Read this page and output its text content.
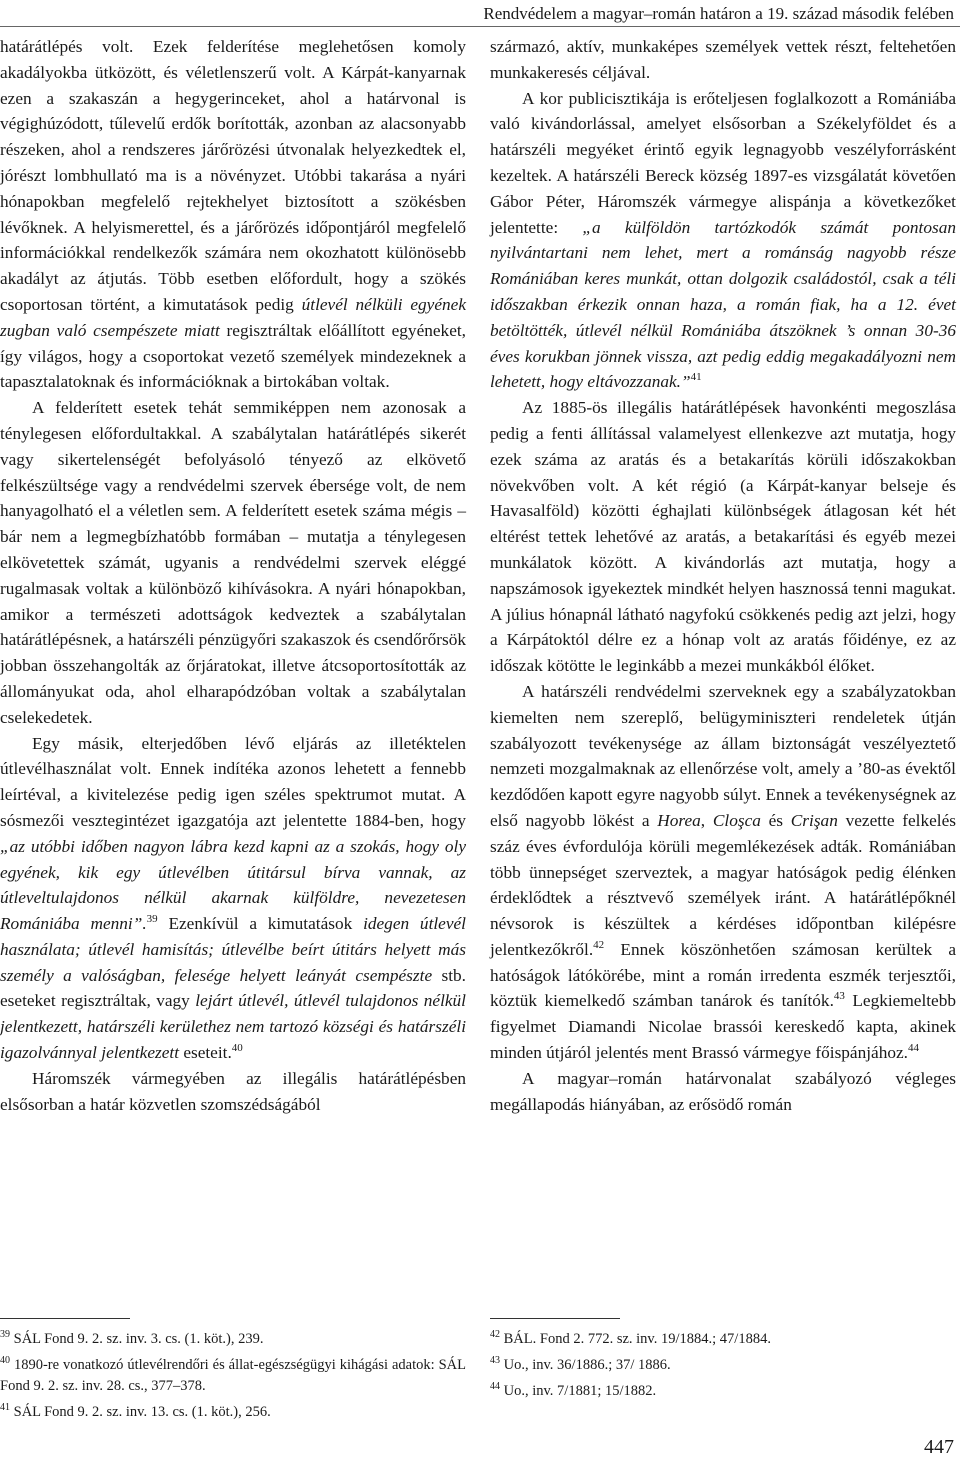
Rendvédelem a magyar–román határon a 19. század második felében

határátlépés volt. Ezek felderítése meglehetősen komoly akadályokba ütközött, és véletlenszerű volt. A Kárpát-kanyarnak ezen a szakaszán a hegygerinceket, ahol a határvonal is végighúzódott, tűlevelű erdők borították, azonban az alacsonyabb részeken, ahol a rendszeres járőrözési útvonalak helyezkedtek el, jórészt lombhullató ma is a növényzet. Utóbbi takarása a nyári hónapokban megfelelő rejtekhelyet biztosított a szökésben lévőknek. A helyismerettel, és a járőrözés időpontjáról megfelelő információkkal rendelkezők számára nem okozhatott különösebb akadályt az átjutás. Több esetben előfordult, hogy a szökés csoportosan történt, a kimutatások pedig útlevél nélküli egyének zugban való csempészete miatt regisztráltak előállított egyéneket, így világos, hogy a csoportokat vezető személyek mindezeknek a tapasztalatoknak és információknak a birtokában voltak.

A felderített esetek tehát semmiképpen nem azonosak a ténylegesen előfordultakkal. A szabálytalan határátlépés sikerét vagy sikertelenségét befolyásoló tényező az elkövető felkészültsége vagy a rendvédelmi szervek ébersége volt, de nem hanyagolható el a véletlen sem. A felderített esetek száma mégis – bár nem a legmegbízhatóbb formában – mutatja a ténylegesen elkövetettek számát, ugyanis a rendvédelmi szervek eléggé rugalmasak voltak a különböző kihívásokra. A nyári hónapokban, amikor a természeti adottságok kedveztek a szabálytalan határátlépésnek, a határszéli pénzügyőri szakaszok és csendőrőrsök jobban összehangolták az őrjáratokat, illetve átcsoportosították az állományukat oda, ahol elharapódzóban voltak a szabálytalan cselekedetek.

Egy másik, elterjedőben lévő eljárás az illetéktelen útlevélhasználat volt. Ennek indítéka azonos lehetett a fennebb leírtéval, a kivitelezése pedig igen széles spektrumot mutat. A sósmezői vesztegintézet igazgatója azt jelentette 1884-ben, hogy „az utóbbi időben nagyon lábra kezd kapni az a szokás, hogy oly egyének, kik egy útlevélben útitársul bírva vannak, az útleveltulajdonos nélkül akarnak külföldre, nevezetesen Romániába menni”.$^{39}$ Ezenkívül a kimutatások idegen útlevél használata; útlevél hamisítás; útlevélbe beírt útitárs helyett más személy a valóságban, felesége helyett leányát csempészte stb. eseteket regisztráltak, vagy lejárt útlevél, útlevél tulajdonos nélkül jelentkezett, határszéli kerülethez nem tartozó községi és határszéli igazolvánnyal jelentkezett eseteit.$^{40}$

Háromszék vármegyében az illegális határátlépésben elsősorban a határ közvetlen szomszédságából

származó, aktív, munkaképes személyek vettek részt, feltehetően munkakeresés céljával.

A kor publicisztikája is erőteljesen foglalkozott a Romániába való kivándorlással, amelyet elsősorban a Székelyföldet és a határszéli megyéket érintő egyik legnagyobb veszélyforrásként kezeltek. A határszéli Bereck község 1897-es vizsgálatát követően Gábor Péter, Háromszék vármegye alispánja a következőket jelentette: „a külföldön tartózkodók számát pontosan nyilvántartani nem lehet, mert a románság nagyobb része Romániában keres munkát, ottan dolgozik családostól, csak a téli időszakban érkezik onnan haza, a román fiak, ha a 12. évet betöltötték, útlevél nélkül Romániába átszöknek ’s onnan 30-36 éves korukban jönnek vissza, azt pedig eddig megakadályozni nem lehetett, hogy eltávozzanak.”$^{41}$

Az 1885-ös illegális határátlépések havonkénti megoszlása pedig a fenti állítással valamelyest ellenkezve azt mutatja, hogy ezek száma az aratás és a betakarítás körüli időszakokban növekvőben volt. A két régió (a Kárpát-kanyar belseje és Havasalföld) közötti éghajlati különbségek átlagosan két hét eltérést tettek lehetővé az aratás, a betakarítási és egyéb mezei munkálatok között. A kivándorlás azt mutatja, hogy a napszámosok igyekeztek mindkét helyen hasznossá tenni magukat. A július hónapnál látható nagyfokú csökkenés pedig azt jelzi, hogy a Kárpátoktól délre ez a hónap volt az aratás főidénye, ez az időszak kötötte le leginkább a mezei munkákból élőket.

A határszéli rendvédelmi szerveknek egy a szabályzatokban kiemelten nem szereplő, belügyminiszteri rendeletek útján szabályozott tevékenysége az állam biztonságát veszélyeztető nemzeti mozgalmaknak az ellenőrzése volt, amely a ’80-as évektől kezdődően kapott egyre nagyobb súlyt. Ennek a tevékenységnek az első nagyobb lökést a Horea, Cloşca és Crişan vezette felkelés száz éves évfordulója körüli megemlékezések adták. Romániában több ünnepséget szerveztek, a magyar hatóságok pedig élénken érdeklődtek a résztvevő személyek iránt. A határátlépőknél névsorok is készültek a kérdéses időpontban kilépésre jelentkezőkről.$^{42}$ Ennek köszönhetően számosan kerültek a hatóságok látókörébe, mint a román irredenta eszmék terjesztői, köztük kiemelkedő számban tanárok és tanítók.$^{43}$ Legkiemeltebb figyelmet Diamandi Nicolae brassói kereskedő kapta, akinek minden útjáról jelentés ment Brassó vármegye főispánjához.$^{44}$

A magyar–román határvonalat szabályozó végleges megállapodás hiányában, az erősödő román

$^{39}$ SÁL Fond 9. 2. sz. inv. 3. cs. (1. köt.), 239.

$^{40}$ 1890-re vonatkozó útlevélrendőri és állat-egészségügyi kihágási adatok: SÁL Fond 9. 2. sz. inv. 28. cs., 377–378.

$^{41}$ SÁL Fond 9. 2. sz. inv. 13. cs. (1. köt.), 256.

$^{42}$ BÁL. Fond 2. 772. sz. inv. 19/1884.; 47/1884.

$^{43}$ Uo., inv. 36/1886.; 37/ 1886.

$^{44}$ Uo., inv. 7/1881; 15/1882.

447
